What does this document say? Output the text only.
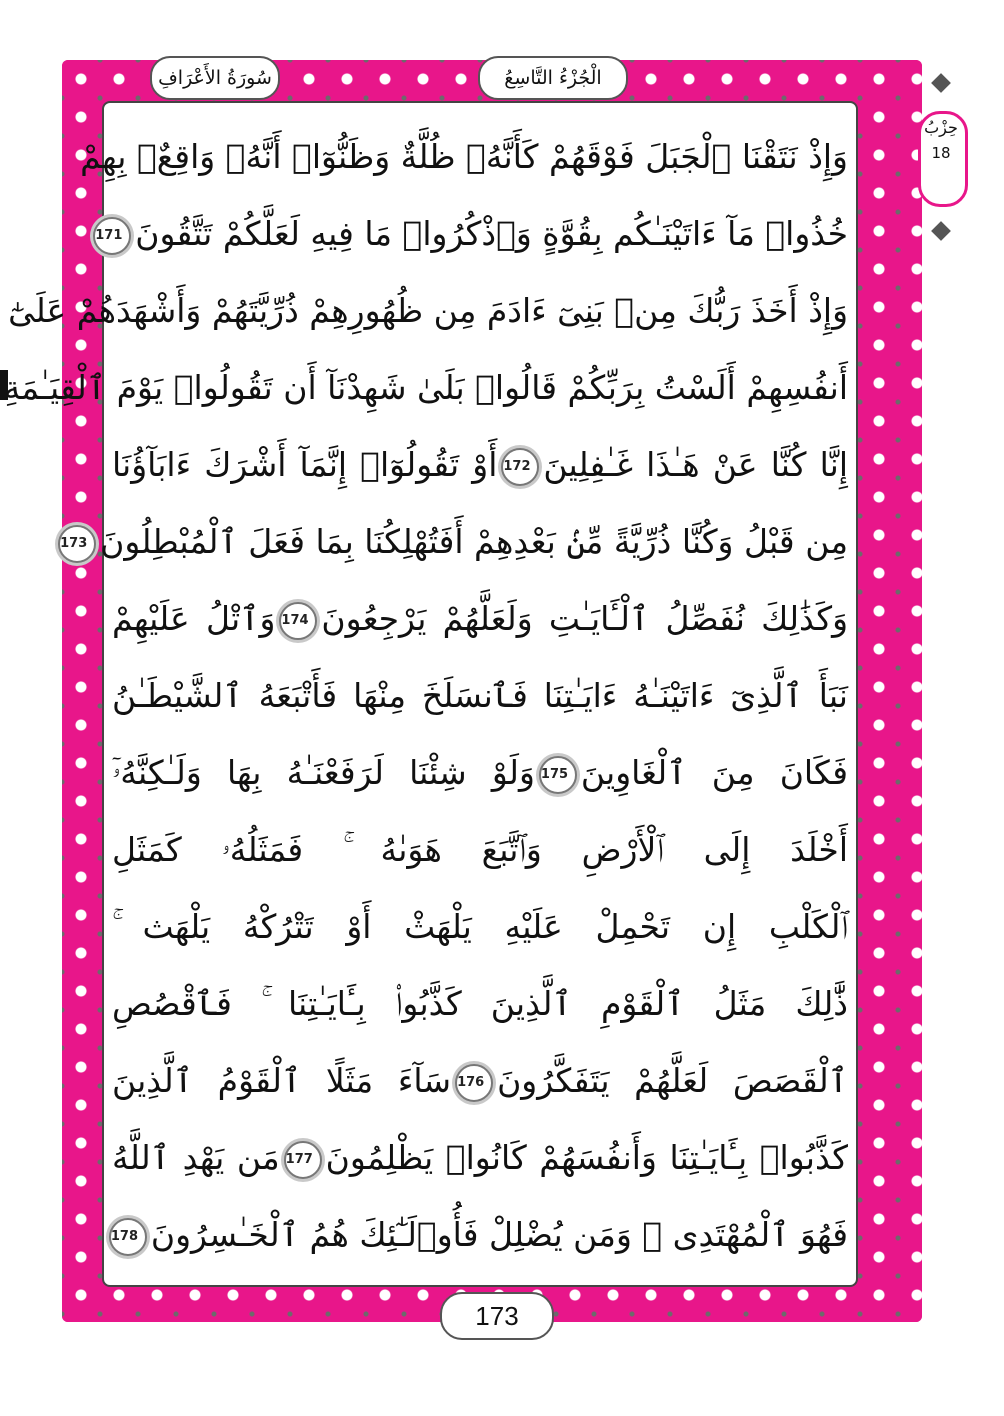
الْجُزْءُ التَّاسِعُ
سُورَةُ الأَعْرَافِ
حِزْبُ
18
وَإِذْ نَتَقْنَا ٱلْجَبَلَ فَوْقَهُمْ كَأَنَّهُۥ ظُلَّةٌ وَظَنُّوٓا۟ أَنَّهُۥ وَاقِعٌۢ بِهِمْ
خُذُوا۟ مَآ ءَاتَيْنَـٰكُم بِقُوَّةٍ وَٱذْكُرُوا۟ مَا فِيهِ لَعَلَّكُمْ تَتَّقُونَ171
وَإِذْ أَخَذَ رَبُّكَ مِنۢ بَنِىٓ ءَادَمَ مِن ظُهُورِهِمْ ذُرِّيَّتَهُمْ وَأَشْهَدَهُمْ عَلَىٰٓ
أَنفُسِهِمْ أَلَسْتُ بِرَبِّكُمْ قَالُوا۟ بَلَىٰ شَهِدْنَآ أَن تَقُولُوا۟ يَوْمَ ٱلْقِيَـٰمَةِ
إِنَّا كُنَّا عَنْ هَـٰذَا غَـٰفِلِينَ172أَوْ تَقُولُوٓا۟ إِنَّمَآ أَشْرَكَ ءَابَآؤُنَا
مِن قَبْلُ وَكُنَّا ذُرِّيَّةً مِّنۢ بَعْدِهِمْ أَفَتُهْلِكُنَا بِمَا فَعَلَ ٱلْمُبْطِلُونَ173
وَكَذَٰلِكَ نُفَصِّلُ ٱلْـَٔايَـٰتِ وَلَعَلَّهُمْ يَرْجِعُونَ174وَٱتْلُ عَلَيْهِمْ
نَبَأَ ٱلَّذِىٓ ءَاتَيْنَـٰهُ ءَايَـٰتِنَا فَٱنسَلَخَ مِنْهَا فَأَتْبَعَهُ ٱلشَّيْطَـٰنُ
فَكَانَ مِنَ ٱلْغَاوِينَ175وَلَوْ شِئْنَا لَرَفَعْنَـٰهُ بِهَا وَلَـٰكِنَّهُۥٓ
أَخْلَدَ إِلَى ٱلْأَرْضِ وَٱتَّبَعَ هَوَىٰهُ ۚ فَمَثَلُهُۥ كَمَثَلِ
ٱلْكَلْبِ إِن تَحْمِلْ عَلَيْهِ يَلْهَثْ أَوْ تَتْرُكْهُ يَلْهَث ۚ
ذَّٰلِكَ مَثَلُ ٱلْقَوْمِ ٱلَّذِينَ كَذَّبُوا۟ بِـَٔايَـٰتِنَا ۚ فَٱقْصُصِ
ٱلْقَصَصَ لَعَلَّهُمْ يَتَفَكَّرُونَ176سَآءَ مَثَلًا ٱلْقَوْمُ ٱلَّذِينَ
كَذَّبُوا۟ بِـَٔايَـٰتِنَا وَأَنفُسَهُمْ كَانُوا۟ يَظْلِمُونَ177مَن يَهْدِ ٱللَّهُ
فَهُوَ ٱلْمُهْتَدِى ۖ وَمَن يُضْلِلْ فَأُو۟لَـٰٓئِكَ هُمُ ٱلْخَـٰسِرُونَ178
173
